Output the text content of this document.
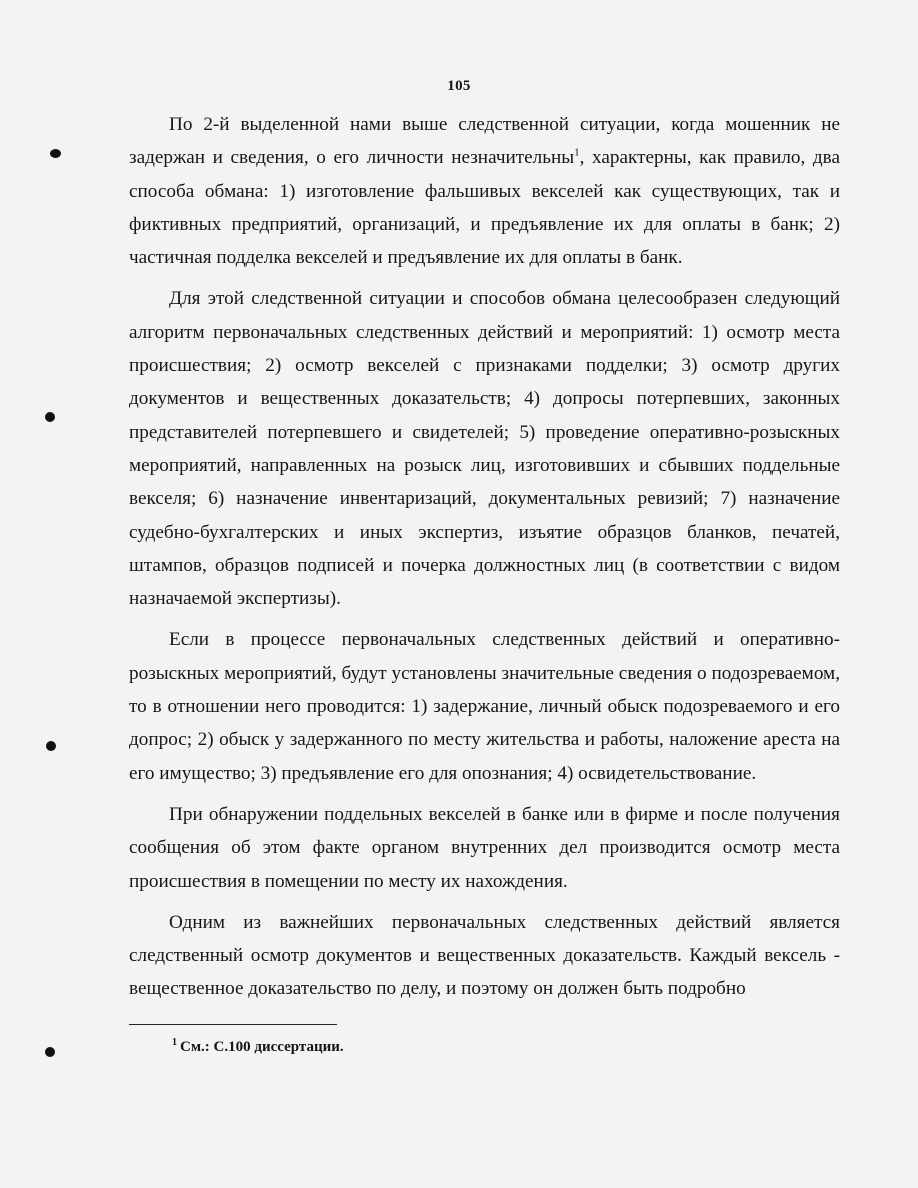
105

По 2-й выделенной нами выше следственной ситуации, когда мошенник не задержан и сведения, о его личности незначительны$^1$, характерны, как правило, два способа обмана: 1) изготовление фальшивых векселей как существующих, так и фиктивных предприятий, организаций, и предъявление их для оплаты в банк; 2) частичная подделка векселей и предъявление их для оплаты в банк.

Для этой следственной ситуации и способов обмана целесообразен следующий алгоритм первоначальных следственных действий и мероприятий: 1) осмотр места происшествия; 2) осмотр векселей с признаками подделки; 3) осмотр других документов и вещественных доказательств; 4) допросы потерпевших, законных представителей потерпевшего и свидетелей; 5) проведение оперативно-розыскных мероприятий, направленных на розыск лиц, изготовивших и сбывших поддельные векселя; 6) назначение инвентаризаций, документальных ревизий; 7) назначение судебно-бухгалтерских и иных экспертиз, изъятие образцов бланков, печатей, штампов, образцов подписей и почерка должностных лиц (в соответствии с видом назначаемой экспертизы).

Если в процессе первоначальных следственных действий и оперативно-розыскных мероприятий, будут установлены значительные сведения о подозреваемом, то в отношении него проводится: 1) задержание, личный обыск подозреваемого и его допрос; 2) обыск у задержанного по месту жительства и работы, наложение ареста на его имущество; 3) предъявление его для опознания; 4) освидетельствование.

При обнаружении поддельных векселей в банке или в фирме и после получения сообщения об этом факте органом внутренних дел производится осмотр места происшествия в помещении по месту их нахождения.

Одним из важнейших первоначальных следственных действий является следственный осмотр документов и вещественных доказательств. Каждый вексель - вещественное доказательство по делу, и поэтому он должен быть подробно

$^1$ См.: С.100 диссертации.
